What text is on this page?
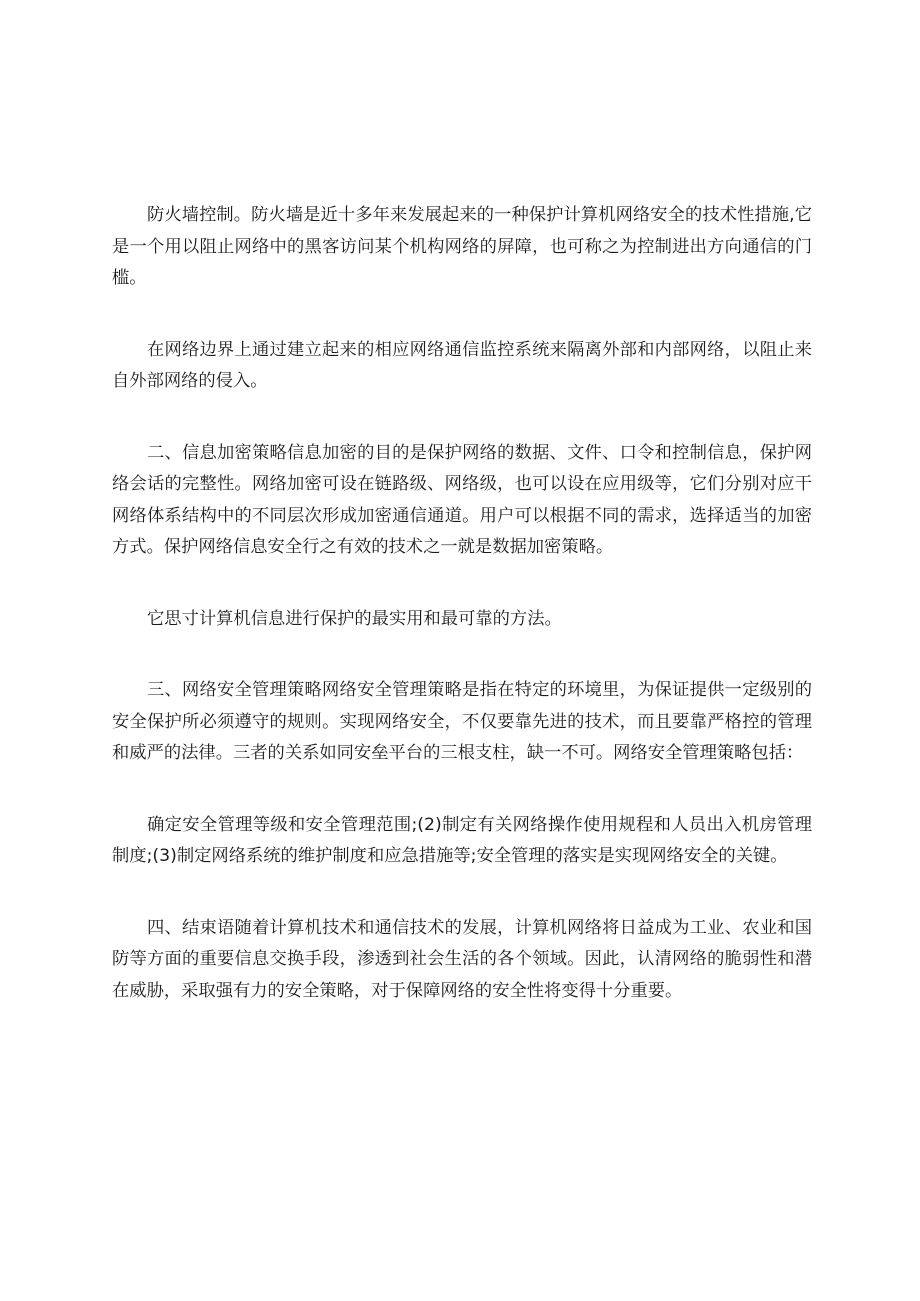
防火墙控制。防火墙是近十多年来发展起来的一种保护计算机网络安全的技术性措施,它是一个用以阻止网络中的黑客访问某个机构网络的屏障，也可称之为控制进出方向通信的门槛。

在网络边界上通过建立起来的相应网络通信监控系统来隔离外部和内部网络，以阻止来自外部网络的侵入。

二、信息加密策略信息加密的目的是保护网络的数据、文件、口令和控制信息，保护网络会话的完整性。网络加密可设在链路级、网络级，也可以设在应用级等，它们分别对应干网络体系结构中的不同层次形成加密通信通道。用户可以根据不同的需求，选择适当的加密方式。保护网络信息安全行之有效的技术之一就是数据加密策略。

它思寸计算机信息进行保护的最实用和最可靠的方法。

三、网络安全管理策略网络安全管理策略是指在特定的环境里，为保证提供一定级别的安全保护所必须遵守的规则。实现网络安全，不仅要靠先进的技术，而且要靠严格控的管理和威严的法律。三者的关系如同安垒平台的三根支柱，缺一不可。网络安全管理策略包括：

确定安全管理等级和安全管理范围;(2)制定有关网络操作使用规程和人员出入机房管理制度;(3)制定网络系统的维护制度和应急措施等;安全管理的落实是实现网络安全的关键。

四、结束语随着计算机技术和通信技术的发展，计算机网络将日益成为工业、农业和国防等方面的重要信息交换手段，渗透到社会生活的各个领域。因此，认清网络的脆弱性和潜在威胁，采取强有力的安全策略，对于保障网络的安全性将变得十分重要。
